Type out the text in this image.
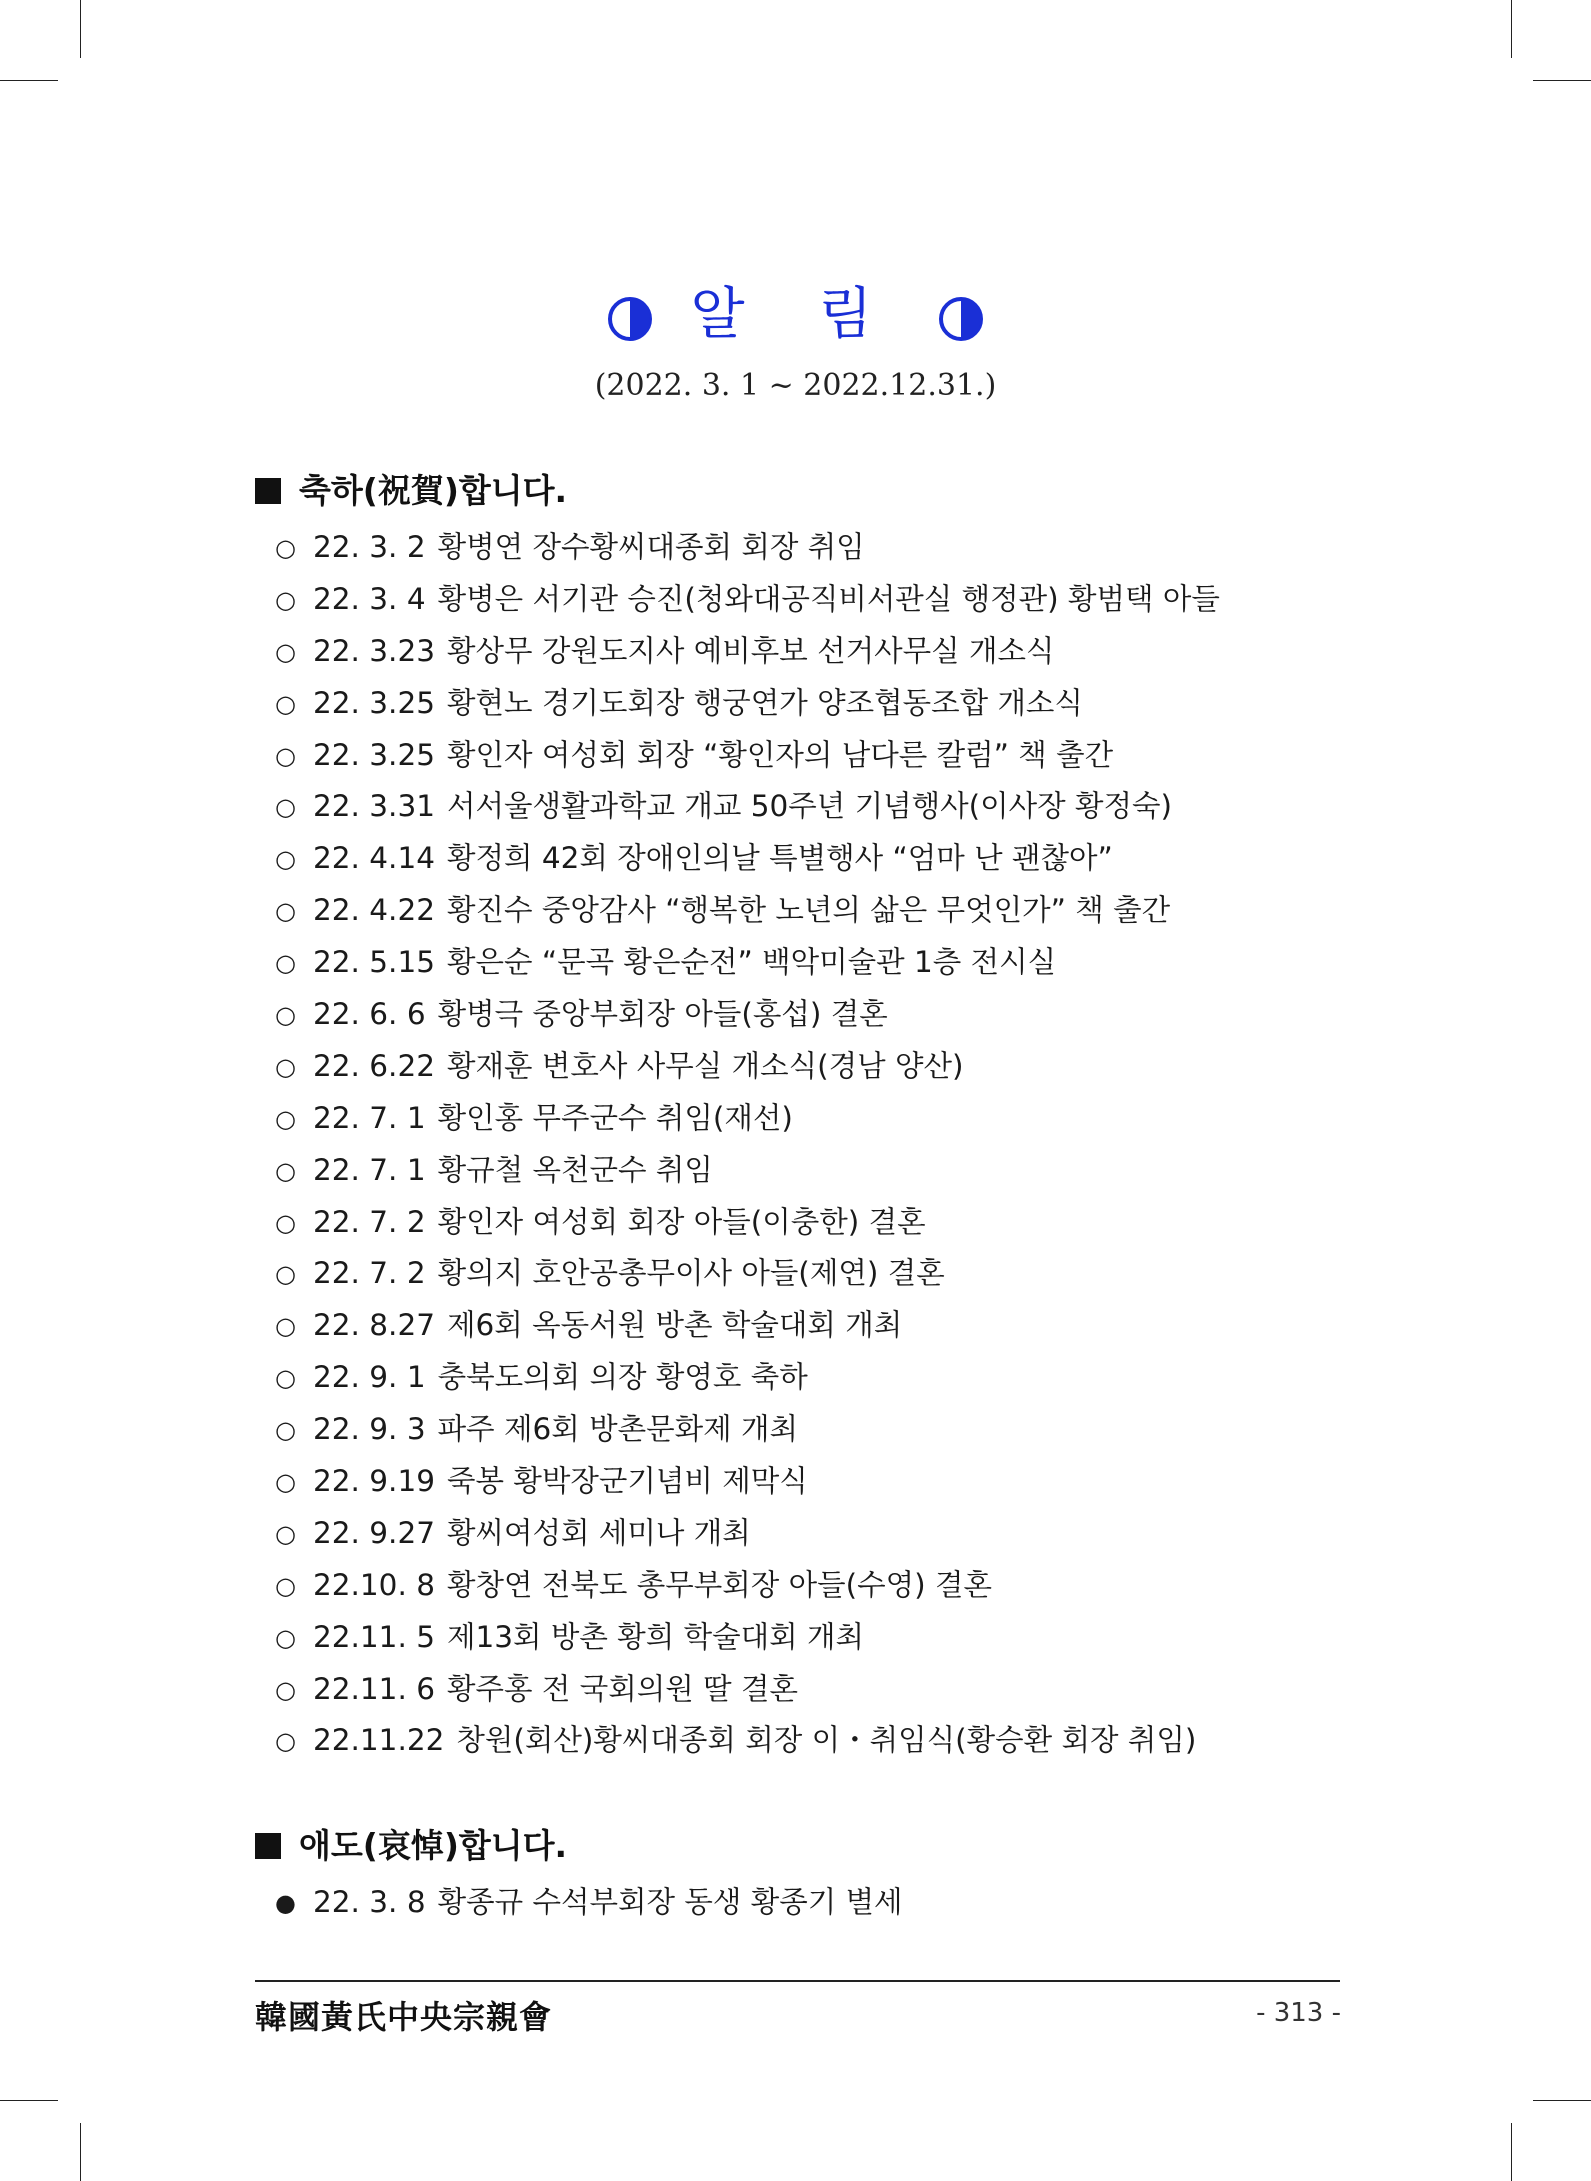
알 림
(2022. 3. 1 ~ 2022.12.31.)
축하(祝賀)합니다.
○ 22. 3. 2 황병연 장수황씨대종회 회장 취임
○ 22. 3. 4 황병은 서기관 승진(청와대공직비서관실 행정관) 황범택 아들
○ 22. 3.23 황상무 강원도지사 예비후보 선거사무실 개소식
○ 22. 3.25 황현노 경기도회장 행궁연가 양조협동조합 개소식
○ 22. 3.25 황인자 여성회 회장 “황인자의 남다른 칼럼” 책 출간
○ 22. 3.31 서서울생활과학교 개교 50주년 기념행사(이사장 황정숙)
○ 22. 4.14 황정희 42회 장애인의날 특별행사 “엄마 난 괜찮아”
○ 22. 4.22 황진수 중앙감사 “행복한 노년의 삶은 무엇인가” 책 출간
○ 22. 5.15 황은순 “문곡 황은순전” 백악미술관 1층 전시실
○ 22. 6. 6 황병극 중앙부회장 아들(홍섭) 결혼
○ 22. 6.22 황재훈 변호사 사무실 개소식(경남 양산)
○ 22. 7. 1 황인홍 무주군수 취임(재선)
○ 22. 7. 1 황규철 옥천군수 취임
○ 22. 7. 2 황인자 여성회 회장 아들(이충한) 결혼
○ 22. 7. 2 황의지 호안공총무이사 아들(제연) 결혼
○ 22. 8.27 제6회 옥동서원 방촌 학술대회 개최
○ 22. 9. 1 충북도의회 의장 황영호 축하
○ 22. 9. 3 파주 제6회 방촌문화제 개최
○ 22. 9.19 죽봉 황박장군기념비 제막식
○ 22. 9.27 황씨여성회 세미나 개최
○ 22.10. 8 황창연 전북도 총무부회장 아들(수영) 결혼
○ 22.11. 5 제13회 방촌 황희 학술대회 개최
○ 22.11. 6 황주홍 전 국회의원 딸 결혼
○ 22.11.22 창원(회산)황씨대종회 회장 이・취임식(황승환 회장 취임)
애도(哀悼)합니다.
● 22. 3. 8 황종규 수석부회장 동생 황종기 별세
韓國黃氏中央宗親會	- 313 -
